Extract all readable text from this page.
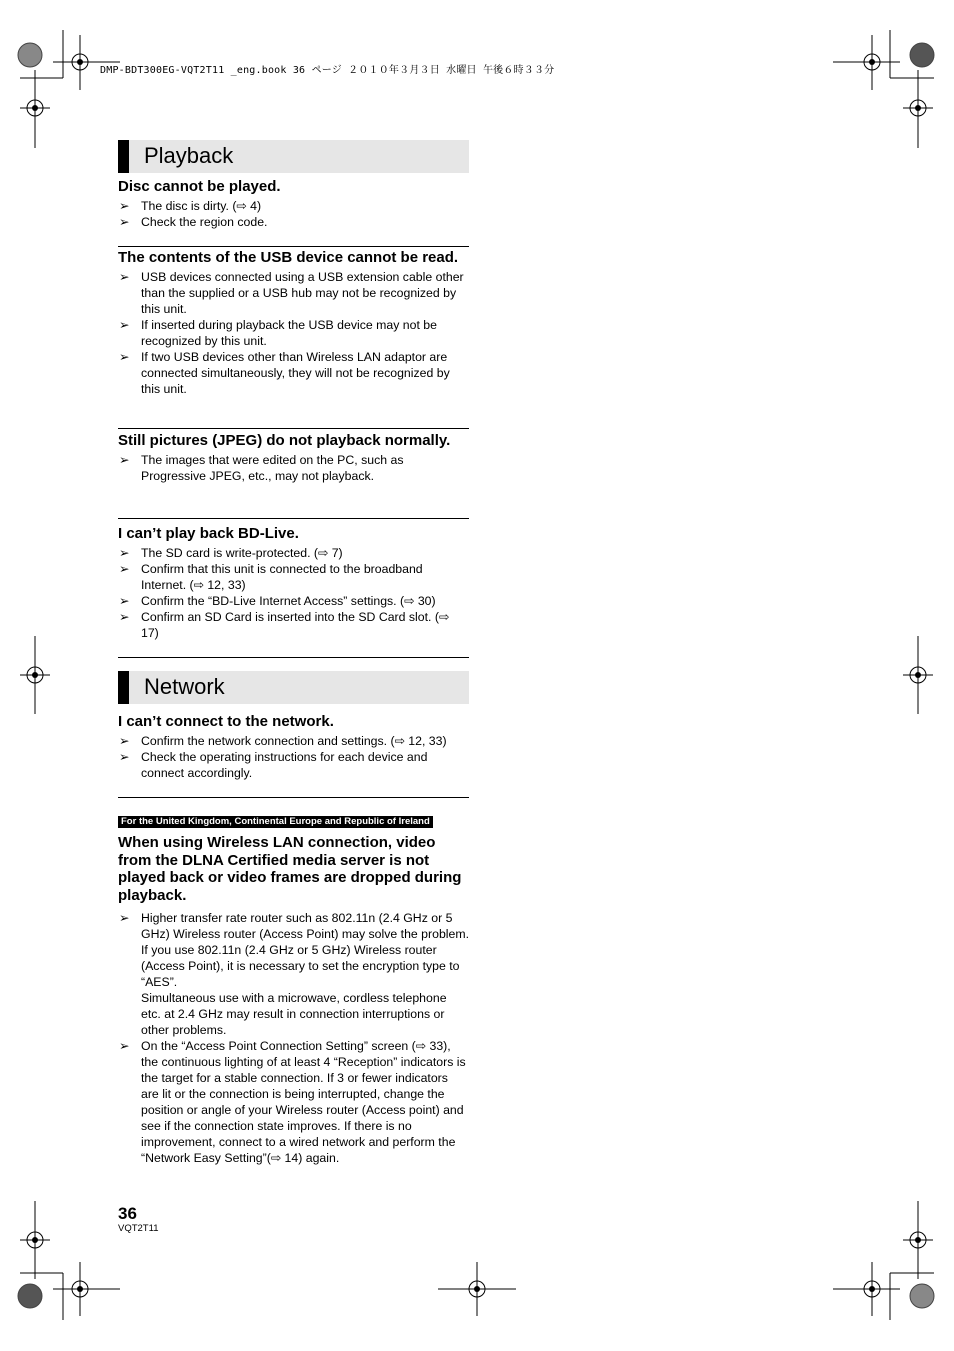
DMP-BDT300EG-VQT2T11 _eng.book 36 ページ ２０１０年３月３日 水曜日 午後６時３３分
Playback

Disc cannot be played.

➢ The disc is dirty. (⇨ 4)
➢ Check the region code.

The contents of the USB device cannot be read.

➢ USB devices connected using a USB extension cable other than the supplied or a USB hub may not be recognized by this unit.
➢ If inserted during playback the USB device may not be recognized by this unit.
➢ If two USB devices other than Wireless LAN adaptor are connected simultaneously, they will not be recognized by this unit.

Still pictures (JPEG) do not playback normally.

➢ The images that were edited on the PC, such as Progressive JPEG, etc., may not playback.

I can’t play back BD-Live.

➢ The SD card is write-protected. (⇨ 7)
➢ Confirm that this unit is connected to the broadband Internet. (⇨ 12, 33)
➢ Confirm the “BD-Live Internet Access” settings. (⇨ 30)
➢ Confirm an SD Card is inserted into the SD Card slot. (⇨ 17)
Network

I can’t connect to the network.

➢ Confirm the network connection and settings. (⇨ 12, 33)
➢ Check the operating instructions for each device and connect accordingly.
For the United Kingdom, Continental Europe and Republic of Ireland

When using Wireless LAN connection, video from the DLNA Certified media server is not played back or video frames are dropped during playback.

➢ Higher transfer rate router such as 802.11n (2.4 GHz or 5 GHz) Wireless router (Access Point) may solve the problem. If you use 802.11n (2.4 GHz or 5 GHz) Wireless router (Access Point), it is necessary to set the encryption type to “AES”.
Simultaneous use with a microwave, cordless telephone etc. at 2.4 GHz may result in connection interruptions or other problems.
➢ On the “Access Point Connection Setting” screen (⇨ 33), the continuous lighting of at least 4 “Reception” indicators is the target for a stable connection. If 3 or fewer indicators are lit or the connection is being interrupted, change the position or angle of your Wireless router (Access point) and see if the connection state improves. If there is no improvement, connect to a wired network and perform the “Network Easy Setting”(⇨ 14) again.
36
VQT2T11
